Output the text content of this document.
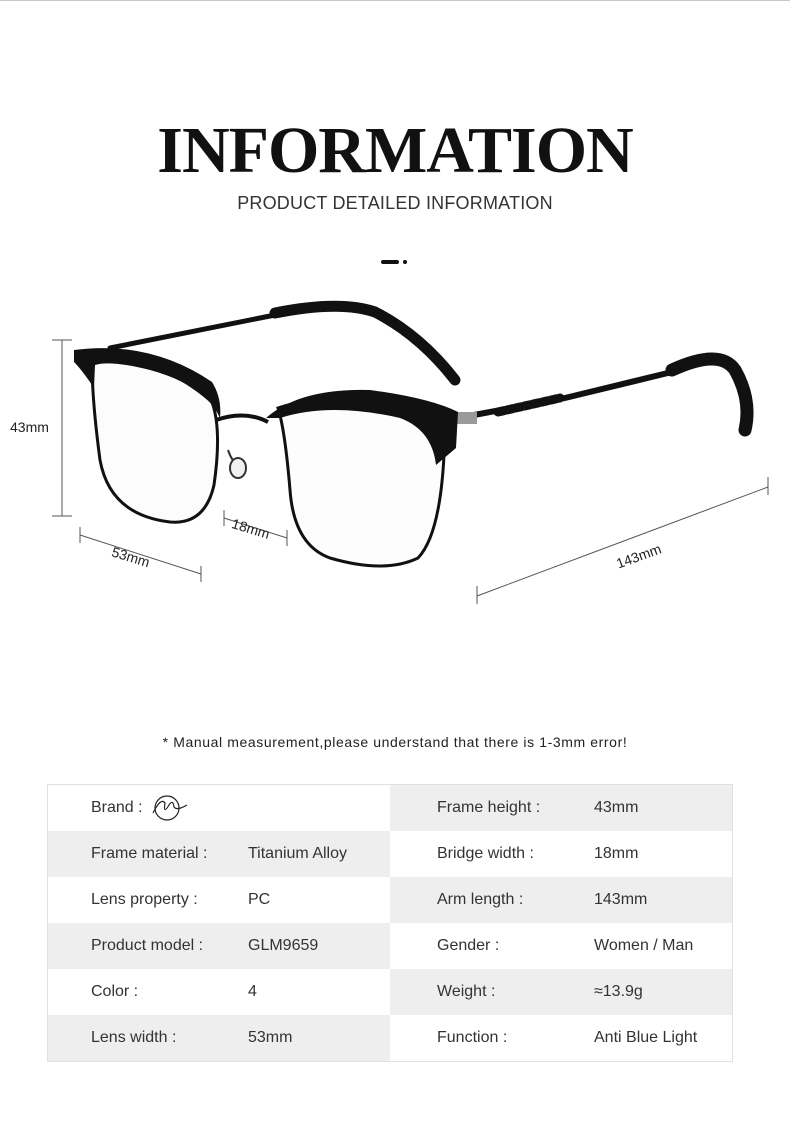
INFORMATION
PRODUCT DETAILED INFORMATION
43mm
53mm
18mm
143mm
* Manual measurement,please understand that there is 1-3mm error!
Brand :	Frame height :	43mm
Frame material :	Titanium Alloy	Bridge width :	18mm
Lens property :	PC	Arm length :	143mm
Product model :	GLM9659	Gender :	Women / Man
Color :	4	Weight :	≈13.9g
Lens width :	53mm	Function :	Anti Blue Light
